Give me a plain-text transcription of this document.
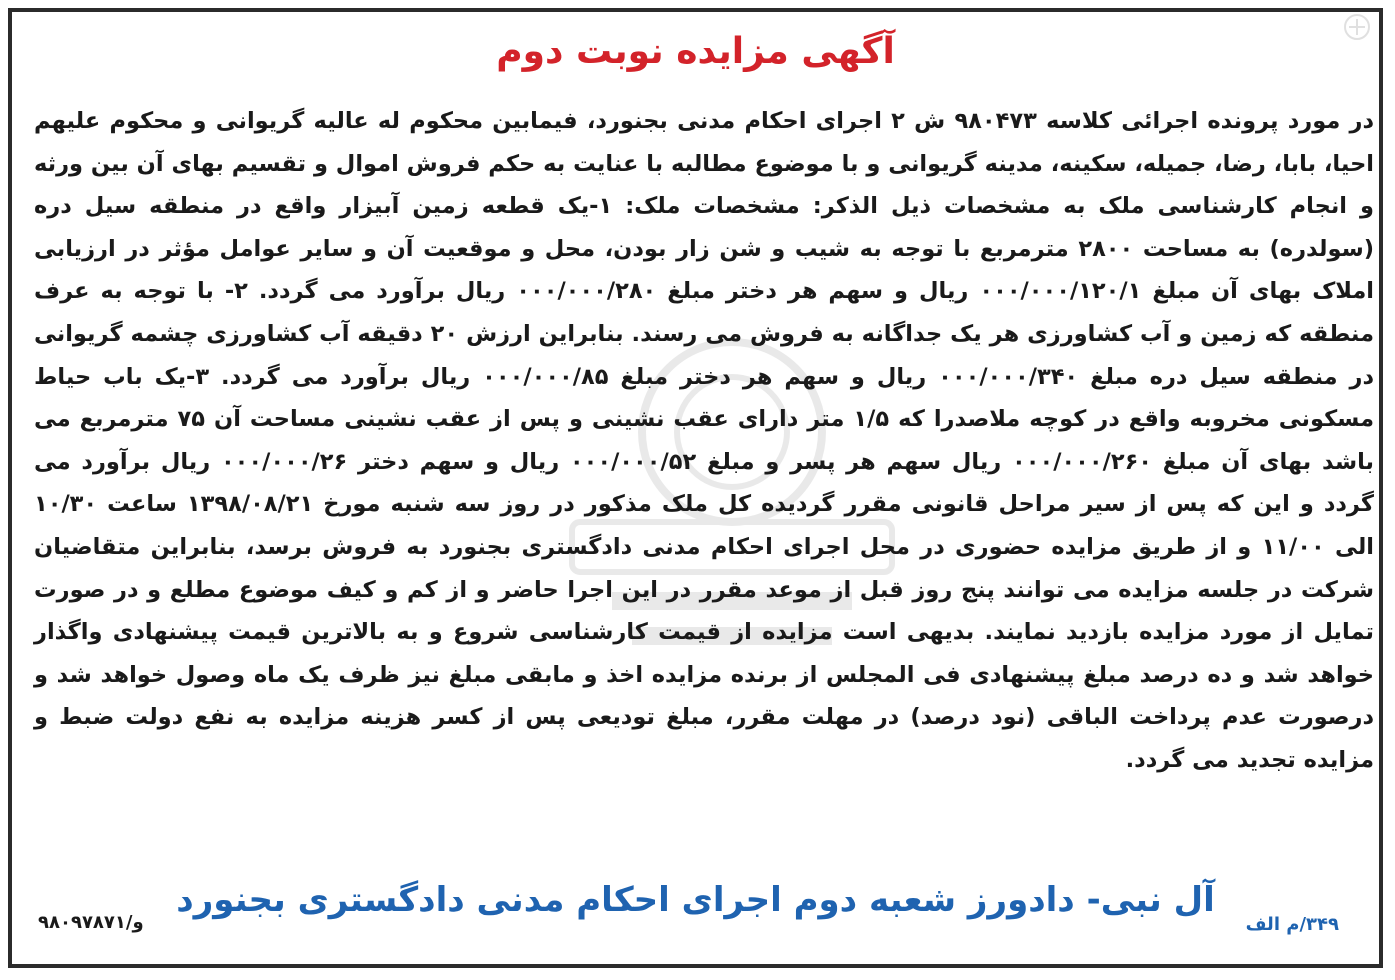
آگهی مزایده نوبت دوم
در مورد پرونده اجرائی کلاسه ۹۸۰۴۷۳ ش ۲ اجرای احکام مدنی بجنورد، فیمابین محکوم له عالیه گریوانی و محکوم علیهم احیا، بابا، رضا، جمیله، سکینه، مدینه گریوانی و با موضوع مطالبه با عنایت به حکم فروش اموال و تقسیم بهای آن بین ورثه و انجام کارشناسی ملک به مشخصات ذیل الذکر: مشخصات ملک: ۱-یک قطعه زمین آبیزار واقع در منطقه سیل دره (سولدره) به مساحت ۲۸۰۰ مترمربع با توجه به شیب و شن زار بودن، محل و موقعیت آن و سایر عوامل مؤثر در ارزیابی املاک بهای آن مبلغ ۰۰۰/۰۰۰/۱۲۰/۱ ریال و سهم هر دختر مبلغ ۰۰۰/۰۰۰/۲۸۰ ریال برآورد می گردد. ۲- با توجه به عرف منطقه که زمین و آب کشاورزی هر یک جداگانه به فروش می رسند. بنابراین ارزش ۲۰ دقیقه آب کشاورزی چشمه گریوانی در منطقه سیل دره مبلغ ۰۰۰/۰۰۰/۳۴۰ ریال و سهم هر دختر مبلغ ۰۰۰/۰۰۰/۸۵ ریال برآورد می گردد. ۳-یک باب حیاط مسکونی مخروبه واقع در کوچه ملاصدرا که ۱/۵ متر دارای عقب نشینی و پس از عقب نشینی مساحت آن ۷۵ مترمربع می باشد بهای آن مبلغ ۰۰۰/۰۰۰/۲۶۰ ریال سهم هر پسر و مبلغ ۰۰۰/۰۰۰/۵۲ ریال و سهم دختر ۰۰۰/۰۰۰/۲۶ ریال برآورد می گردد و این که پس از سیر مراحل قانونی مقرر گردیده کل ملک مذکور در روز سه شنبه مورخ ۱۳۹۸/۰۸/۲۱ ساعت ۱۰/۳۰ الی ۱۱/۰۰ و از طریق مزایده حضوری در محل اجرای احکام مدنی دادگستری بجنورد به فروش برسد، بنابراین متقاضیان شرکت در جلسه مزایده می توانند پنج روز قبل از موعد مقرر در این اجرا حاضر و از کم و کیف موضوع مطلع و در صورت تمایل از مورد مزایده بازدید نمایند. بدیهی است مزایده از قیمت کارشناسی شروع و به بالاترین قیمت پیشنهادی واگذار خواهد شد و ده درصد مبلغ پیشنهادی فی المجلس از برنده مزایده اخذ و مابقی مبلغ نیز ظرف یک ماه وصول خواهد شد و درصورت عدم پرداخت الباقی (نود درصد) در مهلت مقرر، مبلغ تودیعی پس از کسر هزینه مزایده به نفع دولت ضبط و مزایده تجدید می گردد.
آل نبی- دادورز شعبه دوم اجرای احکام مدنی دادگستری بجنورد
۹۸۰۹۷۸۷۱/و	۳۴۹/م الف
